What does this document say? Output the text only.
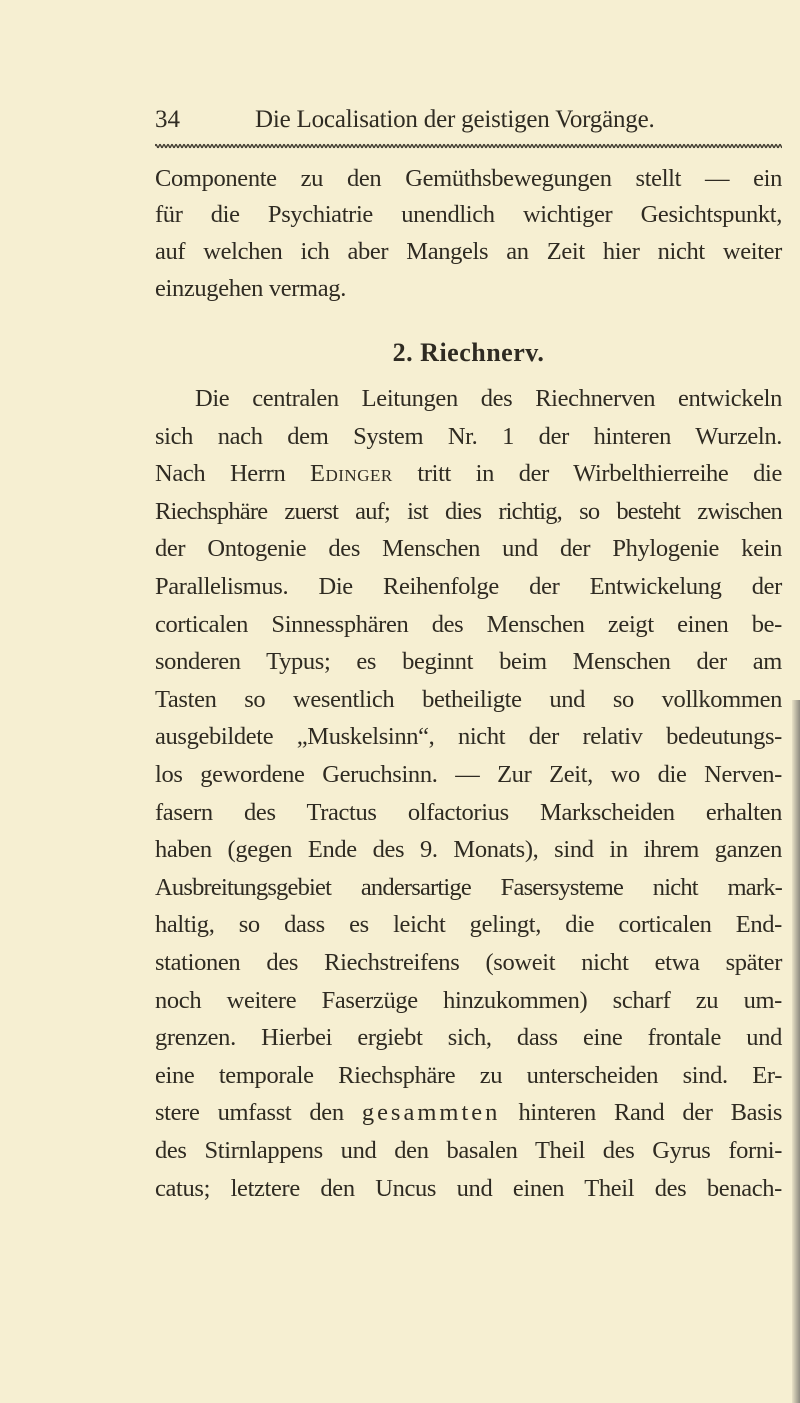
34	Die Localisation der geistigen Vorgänge.
Componente zu den Gemüthsbewegungen stellt — ein
für die Psychiatrie unendlich wichtiger Gesichtspunkt,
auf welchen ich aber Mangels an Zeit hier nicht weiter
einzugehen vermag.
2. Riechnerv.
Die centralen Leitungen des Riechnerven entwickeln
sich nach dem System Nr. 1 der hinteren Wurzeln.
Nach Herrn Edinger tritt in der Wirbelthierreihe die
Riechsphäre zuerst auf; ist dies richtig, so besteht zwischen
der Ontogenie des Menschen und der Phylogenie kein
Parallelismus. Die Reihenfolge der Entwickelung der
corticalen Sinnessphären des Menschen zeigt einen be-
sonderen Typus; es beginnt beim Menschen der am
Tasten so wesentlich betheiligte und so vollkommen
ausgebildete „Muskelsinn“, nicht der relativ bedeutungs-
los gewordene Geruchsinn. — Zur Zeit, wo die Nerven-
fasern des Tractus olfactorius Markscheiden erhalten
haben (gegen Ende des 9. Monats), sind in ihrem ganzen
Ausbreitungsgebiet andersartige Fasersysteme nicht mark-
haltig, so dass es leicht gelingt, die corticalen End-
stationen des Riechstreifens (soweit nicht etwa später
noch weitere Faserzüge hinzukommen) scharf zu um-
grenzen. Hierbei ergiebt sich, dass eine frontale und
eine temporale Riechsphäre zu unterscheiden sind. Er-
stere umfasst den gesammten hinteren Rand der Basis
des Stirnlappens und den basalen Theil des Gyrus forni-
catus; letztere den Uncus und einen Theil des benach-
